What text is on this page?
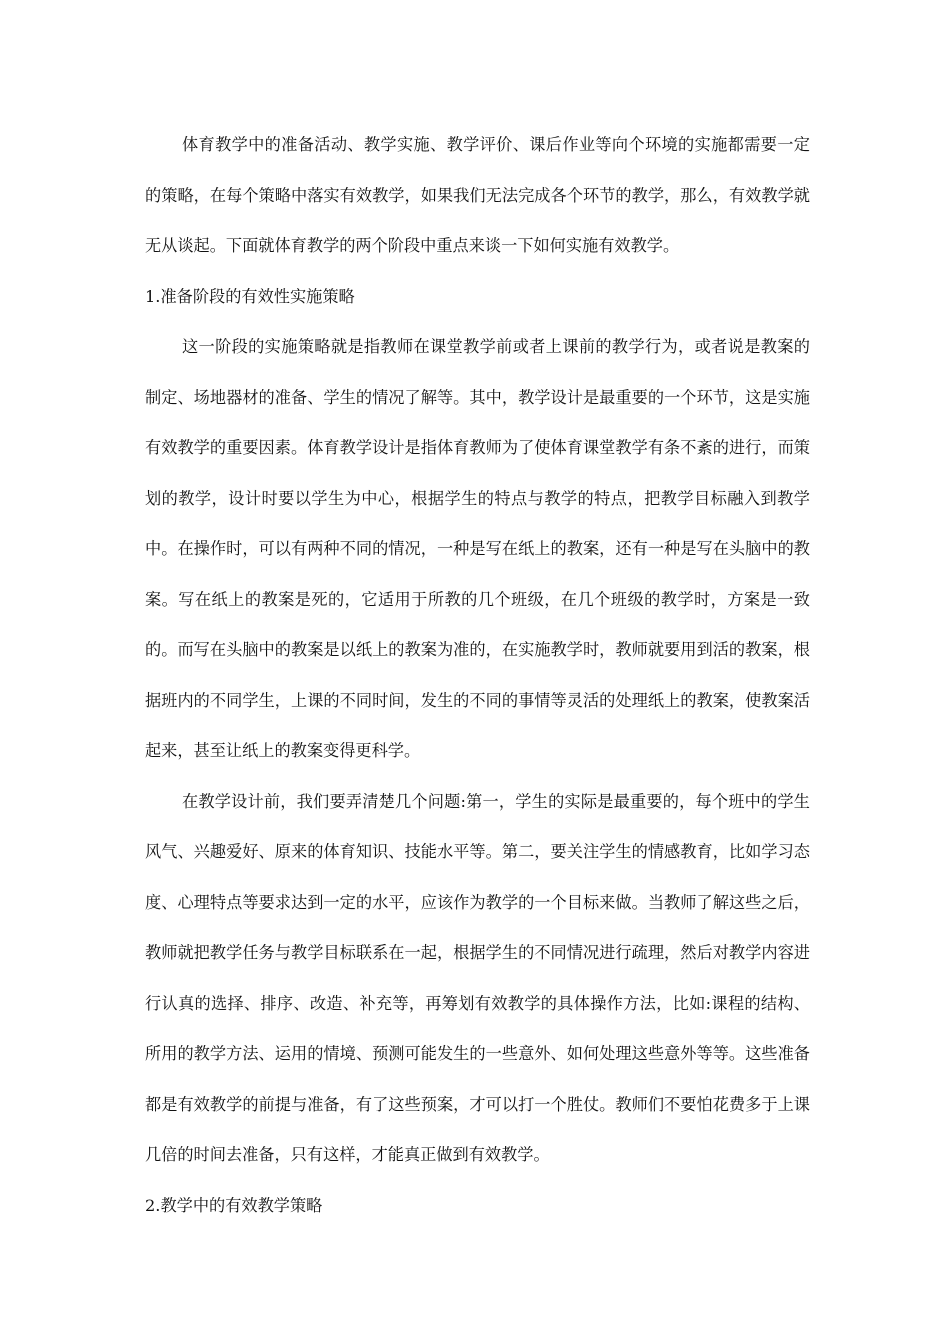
体育教学中的准备活动、教学实施、教学评价、课后作业等向个环境的实施都需要一定的策略，在每个策略中落实有效教学，如果我们无法完成各个环节的教学，那么，有效教学就无从谈起。下面就体育教学的两个阶段中重点来谈一下如何实施有效教学。

1.准备阶段的有效性实施策略

这一阶段的实施策略就是指教师在课堂教学前或者上课前的教学行为，或者说是教案的制定、场地器材的准备、学生的情况了解等。其中，教学设计是最重要的一个环节，这是实施有效教学的重要因素。体育教学设计是指体育教师为了使体育课堂教学有条不紊的进行，而策划的教学，设计时要以学生为中心，根据学生的特点与教学的特点，把教学目标融入到教学中。在操作时，可以有两种不同的情况，一种是写在纸上的教案，还有一种是写在头脑中的教案。写在纸上的教案是死的，它适用于所教的几个班级，在几个班级的教学时，方案是一致的。而写在头脑中的教案是以纸上的教案为准的，在实施教学时，教师就要用到活的教案，根据班内的不同学生，上课的不同时间，发生的不同的事情等灵活的处理纸上的教案，使教案活起来，甚至让纸上的教案变得更科学。

在教学设计前，我们要弄清楚几个问题:第一，学生的实际是最重要的，每个班中的学生风气、兴趣爱好、原来的体育知识、技能水平等。第二，要关注学生的情感教育，比如学习态度、心理特点等要求达到一定的水平，应该作为教学的一个目标来做。当教师了解这些之后，教师就把教学任务与教学目标联系在一起，根据学生的不同情况进行疏理，然后对教学内容进行认真的选择、排序、改造、补充等，再筹划有效教学的具体操作方法，比如:课程的结构、所用的教学方法、运用的情境、预测可能发生的一些意外、如何处理这些意外等等。这些准备都是有效教学的前提与准备，有了这些预案，才可以打一个胜仗。教师们不要怕花费多于上课几倍的时间去准备，只有这样，才能真正做到有效教学。

2.教学中的有效教学策略
